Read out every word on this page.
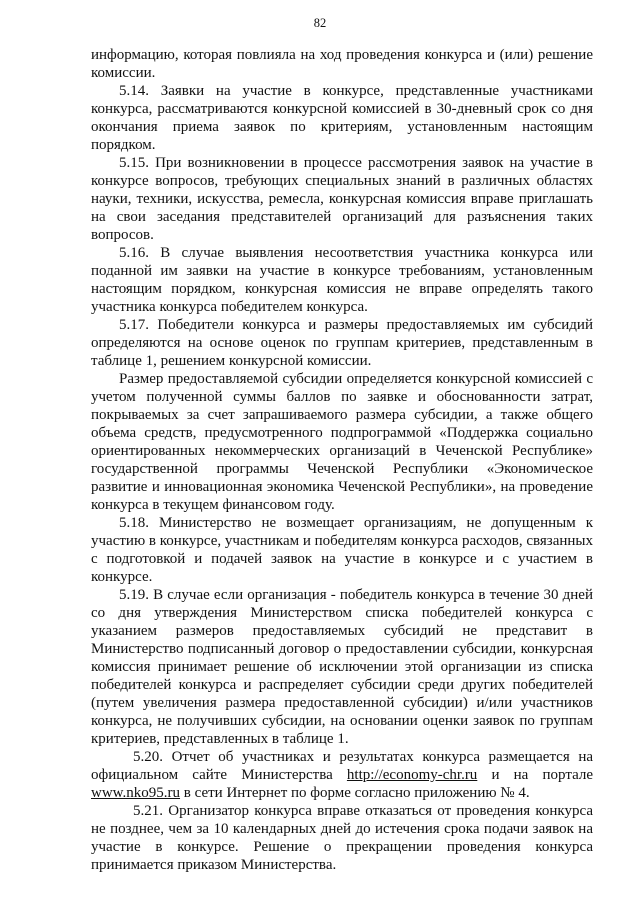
82

информацию, которая повлияла на ход проведения конкурса и (или) решение комиссии.

5.14. Заявки на участие в конкурсе, представленные участниками конкурса, рассматриваются конкурсной комиссией в 30-дневный срок со дня окончания приема заявок по критериям, установленным настоящим порядком.

5.15. При возникновении в процессе рассмотрения заявок на участие в конкурсе вопросов, требующих специальных знаний в различных областях науки, техники, искусства, ремесла, конкурсная комиссия вправе приглашать на свои заседания представителей организаций для разъяснения таких вопросов.

5.16. В случае выявления несоответствия участника конкурса или поданной им заявки на участие в конкурсе требованиям, установленным настоящим порядком, конкурсная комиссия не вправе определять такого участника конкурса победителем конкурса.

5.17. Победители конкурса и размеры предоставляемых им субсидий определяются на основе оценок по группам критериев, представленным в таблице 1, решением конкурсной комиссии.

Размер предоставляемой субсидии определяется конкурсной комиссией с учетом полученной суммы баллов по заявке и обоснованности затрат, покрываемых за счет запрашиваемого размера субсидии, а также общего объема средств, предусмотренного подпрограммой «Поддержка социально ориентированных некоммерческих организаций в Чеченской Республике» государственной программы Чеченской Республики «Экономическое развитие и инновационная экономика Чеченской Республики», на проведение конкурса в текущем финансовом году.

5.18. Министерство не возмещает организациям, не допущенным к участию в конкурсе, участникам и победителям конкурса расходов, связанных с подготовкой и подачей заявок на участие в конкурсе и с участием в конкурсе.

5.19. В случае если организация - победитель конкурса в течение 30 дней со дня утверждения Министерством списка победителей конкурса с указанием размеров предоставляемых субсидий не представит в Министерство подписанный договор о предоставлении субсидии, конкурсная комиссия принимает решение об исключении этой организации из списка победителей конкурса и распределяет субсидии среди других победителей (путем увеличения размера предоставленной субсидии) и/или участников конкурса, не получивших субсидии, на основании оценки заявок по группам критериев, представленных в таблице 1.

5.20. Отчет об участниках и результатах конкурса размещается на официальном сайте Министерства http://economy-chr.ru и на портале www.nko95.ru в сети Интернет по форме согласно приложению № 4.

5.21. Организатор конкурса вправе отказаться от проведения конкурса не позднее, чем за 10 календарных дней до истечения срока подачи заявок на участие в конкурсе. Решение о прекращении проведения конкурса принимается приказом Министерства.
